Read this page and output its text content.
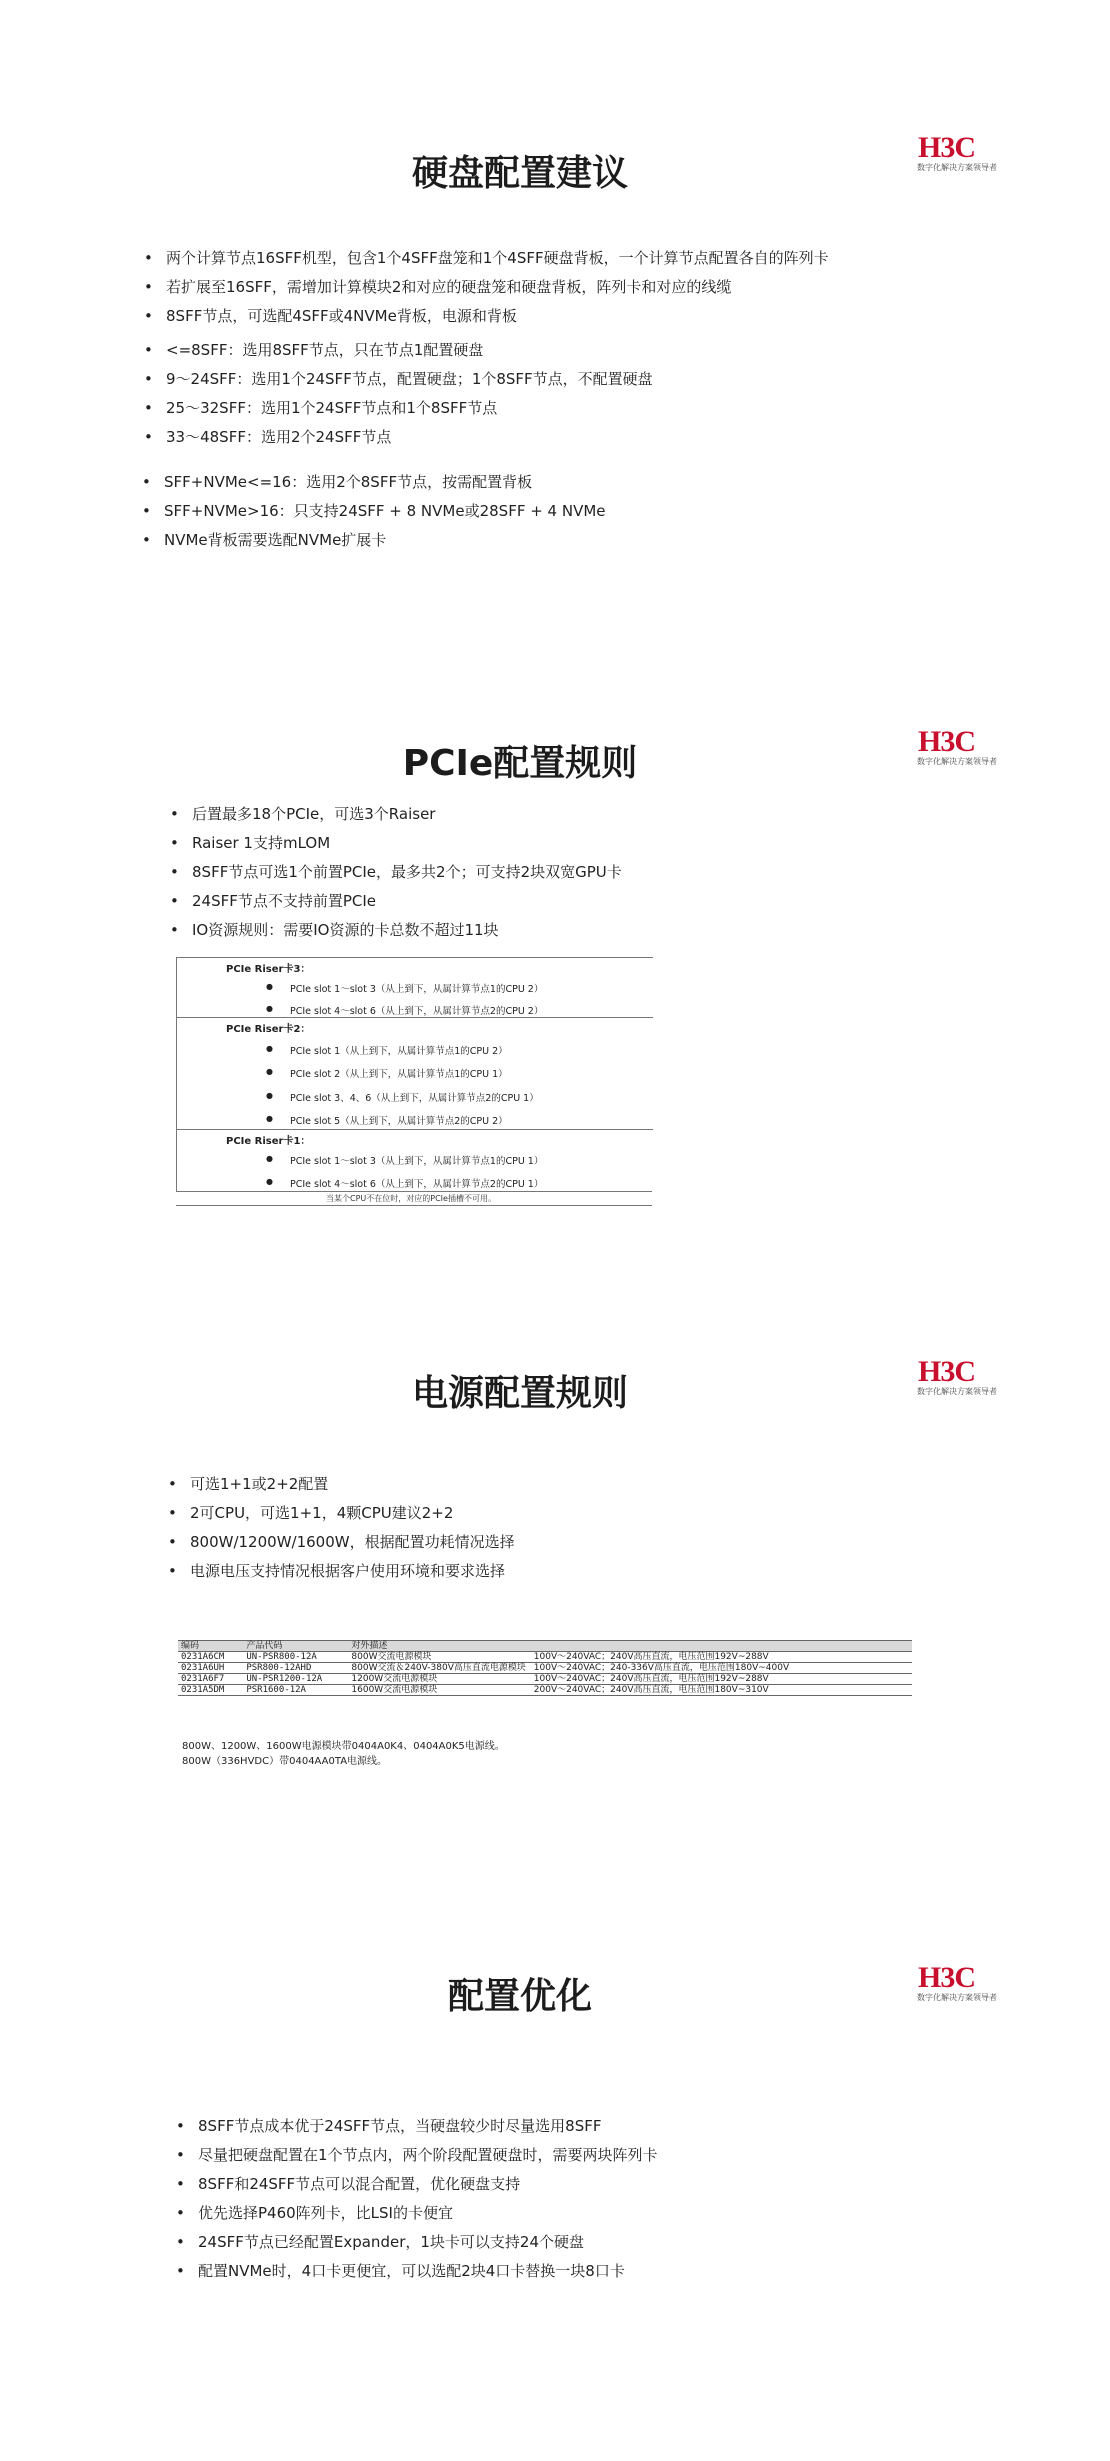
H3C
数字化解决方案领导者
硬盘配置建议
• 两个计算节点16SFF机型，包含1个4SFF盘笼和1个4SFF硬盘背板，一个计算节点配置各自的阵列卡
• 若扩展至16SFF，需增加计算模块2和对应的硬盘笼和硬盘背板，阵列卡和对应的线缆
• 8SFF节点，可选配4SFF或4NVMe背板，电源和背板
• <=8SFF：选用8SFF节点，只在节点1配置硬盘
• 9～24SFF：选用1个24SFF节点，配置硬盘；1个8SFF节点，不配置硬盘
• 25～32SFF：选用1个24SFF节点和1个8SFF节点
• 33～48SFF：选用2个24SFF节点
• SFF+NVMe<=16：选用2个8SFF节点，按需配置背板
• SFF+NVMe>16：只支持24SFF + 8 NVMe或28SFF + 4 NVMe
• NVMe背板需要选配NVMe扩展卡
H3C
数字化解决方案领导者
PCIe配置规则
• 后置最多18个PCIe，可选3个Raiser
• Raiser 1支持mLOM
• 8SFF节点可选1个前置PCIe，最多共2个；可支持2块双宽GPU卡
• 24SFF节点不支持前置PCIe
• IO资源规则：需要IO资源的卡总数不超过11块
PCIe Riser卡3：
● PCIe slot 1～slot 3（从上到下，从属计算节点1的CPU 2）
● PCIe slot 4～slot 6（从上到下，从属计算节点2的CPU 2）
PCIe Riser卡2：
● PCIe slot 1（从上到下，从属计算节点1的CPU 2）
● PCIe slot 2（从上到下，从属计算节点1的CPU 1）
● PCIe slot 3、4、6（从上到下，从属计算节点2的CPU 1）
● PCIe slot 5（从上到下，从属计算节点2的CPU 2）
PCIe Riser卡1：
● PCIe slot 1～slot 3（从上到下，从属计算节点1的CPU 1）
● PCIe slot 4～slot 6（从上到下，从属计算节点2的CPU 1）
当某个CPU不在位时，对应的PCIe插槽不可用。
H3C
数字化解决方案领导者
电源配置规则
• 可选1+1或2+2配置
• 2可CPU，可选1+1，4颗CPU建议2+2
• 800W/1200W/1600W，根据配置功耗情况选择
• 电源电压支持情况根据客户使用环境和要求选择
编码	产品代码	对外描述	
0231A6CM	UN-PSR800-12A	800W交流电源模块	100V～240VAC；240V高压直流，电压范围192V~288V
0231A6UH	PSR800-12AHD	800W交流＆240V-380V高压直流电源模块	100V～240VAC；240-336V高压直流，电压范围180V~400V
0231A6F7	UN-PSR1200-12A	1200W交流电源模块	100V～240VAC；240V高压直流，电压范围192V~288V
0231A5DM	PSR1600-12A	1600W交流电源模块	200V～240VAC；240V高压直流，电压范围180V~310V
800W、1200W、1600W电源模块带0404A0K4、0404A0K5电源线。
800W（336HVDC）带0404AA0TA电源线。
H3C
数字化解决方案领导者
配置优化
• 8SFF节点成本优于24SFF节点，当硬盘较少时尽量选用8SFF
• 尽量把硬盘配置在1个节点内，两个阶段配置硬盘时，需要两块阵列卡
• 8SFF和24SFF节点可以混合配置，优化硬盘支持
• 优先选择P460阵列卡，比LSI的卡便宜
• 24SFF节点已经配置Expander，1块卡可以支持24个硬盘
• 配置NVMe时，4口卡更便宜，可以选配2块4口卡替换一块8口卡
